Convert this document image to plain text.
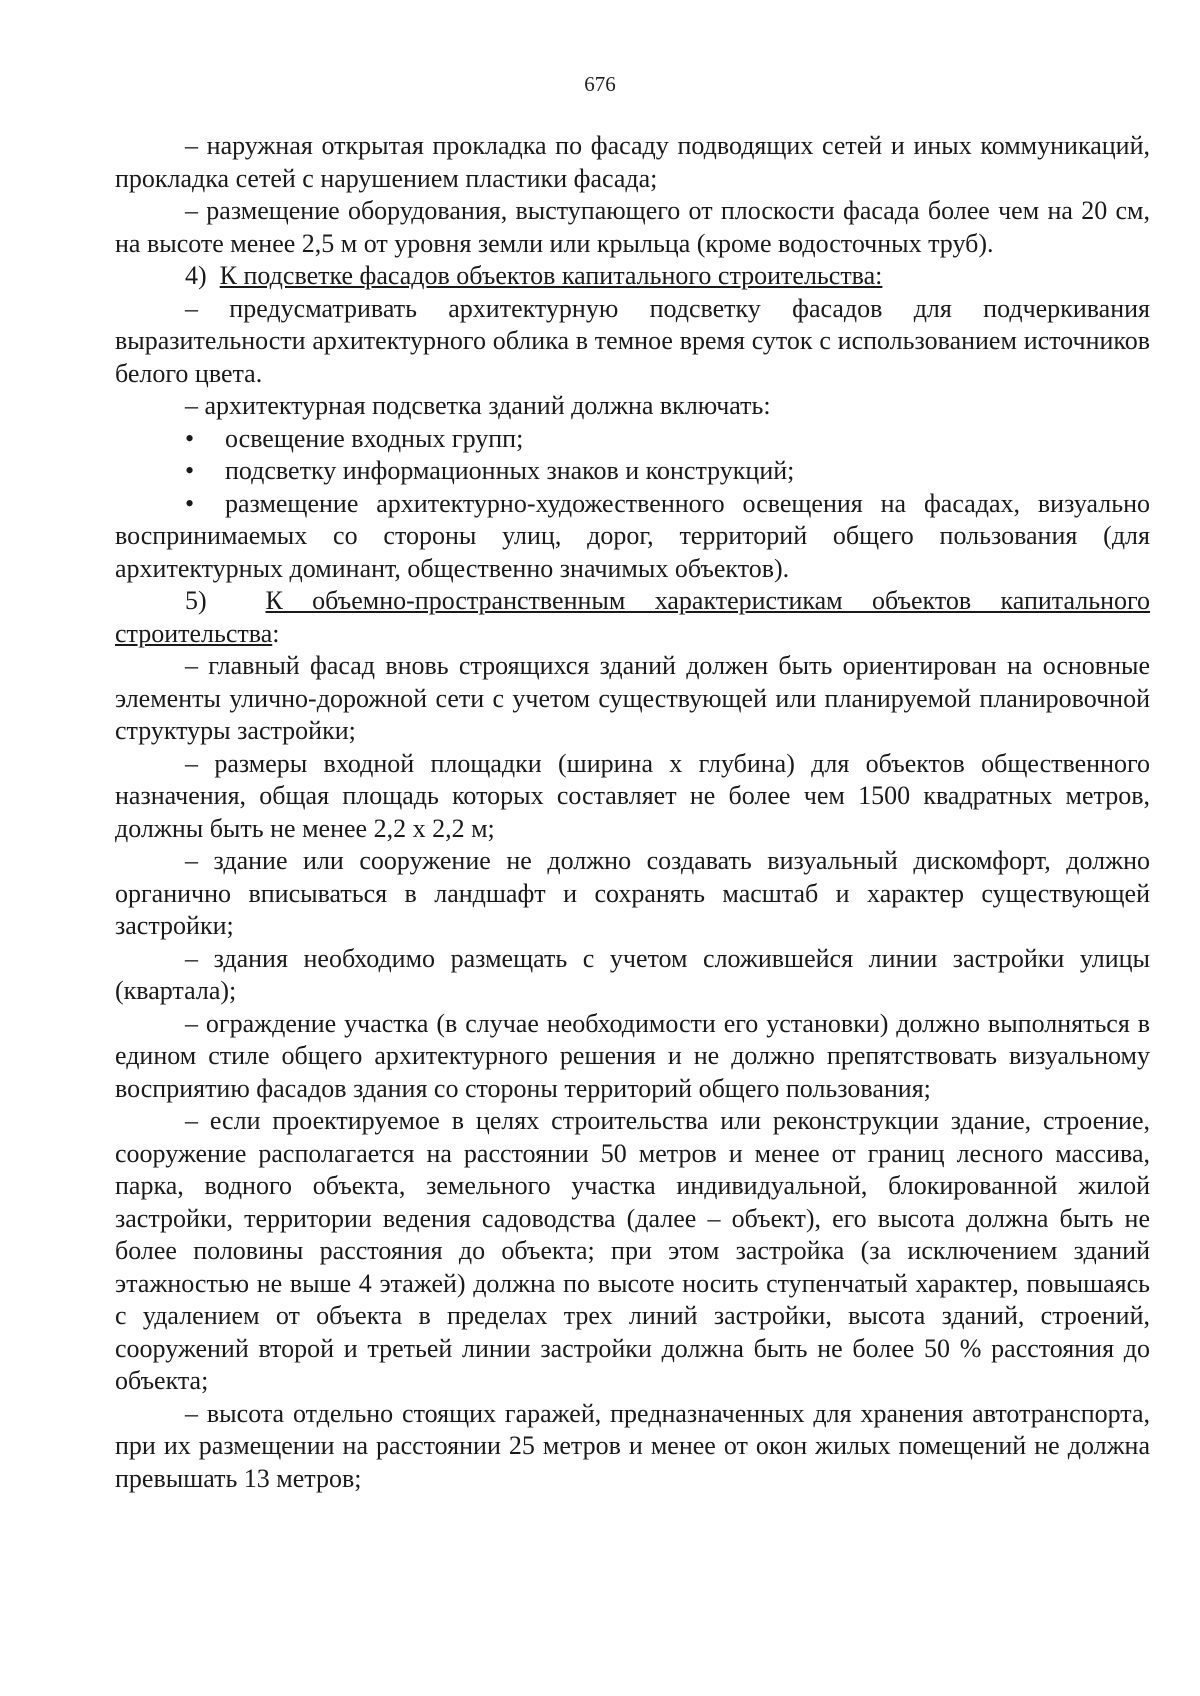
676

– наружная открытая прокладка по фасаду подводящих сетей и иных коммуникаций, прокладка сетей с нарушением пластики фасада;

– размещение оборудования, выступающего от плоскости фасада более чем на 20 см, на высоте менее 2,5 м от уровня земли или крыльца (кроме водосточных труб).

4) К подсветке фасадов объектов капитального строительства:

– предусматривать архитектурную подсветку фасадов для подчеркивания выразительности архитектурного облика в темное время суток с использованием источников белого цвета.

– архитектурная подсветка зданий должна включать:

• освещение входных групп;

• подсветку информационных знаков и конструкций;

• размещение архитектурно-художественного освещения на фасадах, визуально воспринимаемых со стороны улиц, дорог, территорий общего пользования (для архитектурных доминант, общественно значимых объектов).

5) К объемно-пространственным характеристикам объектов капитального строительства:

– главный фасад вновь строящихся зданий должен быть ориентирован на основные элементы улично-дорожной сети с учетом существующей или планируемой планировочной структуры застройки;

– размеры входной площадки (ширина х глубина) для объектов общественного назначения, общая площадь которых составляет не более чем 1500 квадратных метров, должны быть не менее 2,2 х 2,2 м;

– здание или сооружение не должно создавать визуальный дискомфорт, должно органично вписываться в ландшафт и сохранять масштаб и характер существующей застройки;

– здания необходимо размещать с учетом сложившейся линии застройки улицы (квартала);

– ограждение участка (в случае необходимости его установки) должно выполняться в едином стиле общего архитектурного решения и не должно препятствовать визуальному восприятию фасадов здания со стороны территорий общего пользования;

– если проектируемое в целях строительства или реконструкции здание, строение, сооружение располагается на расстоянии 50 метров и менее от границ лесного массива, парка, водного объекта, земельного участка индивидуальной, блокированной жилой застройки, территории ведения садоводства (далее – объект), его высота должна быть не более половины расстояния до объекта; при этом застройка (за исключением зданий этажностью не выше 4 этажей) должна по высоте носить ступенчатый характер, повышаясь с удалением от объекта в пределах трех линий застройки, высота зданий, строений, сооружений второй и третьей линии застройки должна быть не более 50 % расстояния до объекта;

– высота отдельно стоящих гаражей, предназначенных для хранения автотранспорта, при их размещении на расстоянии 25 метров и менее от окон жилых помещений не должна превышать 13 метров;
